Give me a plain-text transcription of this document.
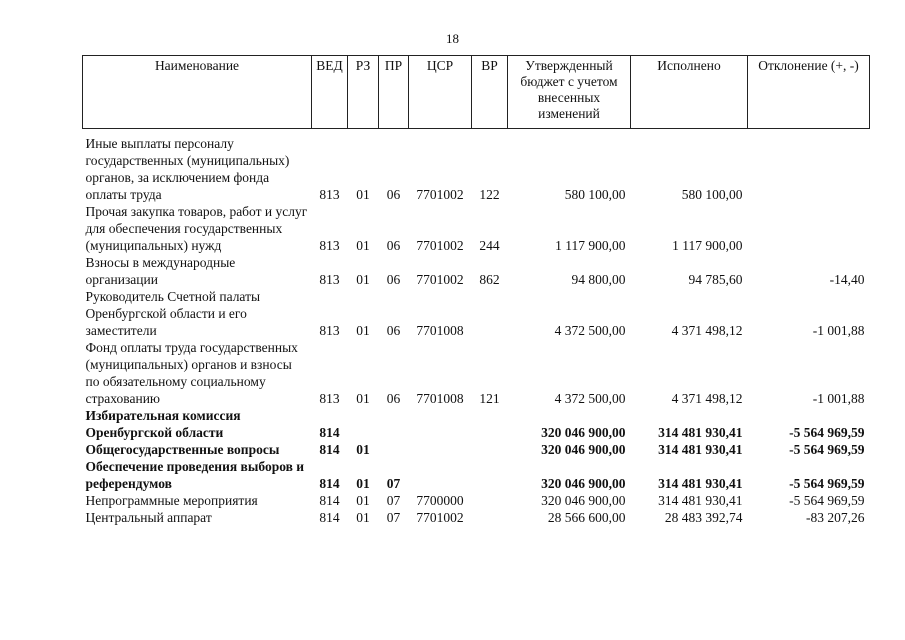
18
Наименование	ВЕД	РЗ	ПР	ЦСР	ВР	Утвержденный бюджет с учетом внесенных изменений	Исполнено	Отклонение (+, -)
Иные выплаты персоналу государственных (муниципальных) органов, за исключением фонда оплаты труда	813	01	06	7701002	122	580 100,00	580 100,00	
Прочая закупка товаров, работ и услуг для обеспечения государственных (муниципальных) нужд	813	01	06	7701002	244	1 117 900,00	1 117 900,00	
Взносы в международные организации	813	01	06	7701002	862	94 800,00	94 785,60	-14,40
Руководитель Счетной палаты Оренбургской области и его заместители	813	01	06	7701008		4 372 500,00	4 371 498,12	-1 001,88
Фонд оплаты труда государственных (муниципальных) органов и взносы по обязательному социальному страхованию	813	01	06	7701008	121	4 372 500,00	4 371 498,12	-1 001,88
Избирательная комиссия Оренбургской области	814					320 046 900,00	314 481 930,41	-5 564 969,59
Общегосударственные вопросы	814	01				320 046 900,00	314 481 930,41	-5 564 969,59
Обеспечение проведения выборов и референдумов	814	01	07			320 046 900,00	314 481 930,41	-5 564 969,59
Непрограммные мероприятия	814	01	07	7700000		320 046 900,00	314 481 930,41	-5 564 969,59
Центральный аппарат	814	01	07	7701002		28 566 600,00	28 483 392,74	-83 207,26
